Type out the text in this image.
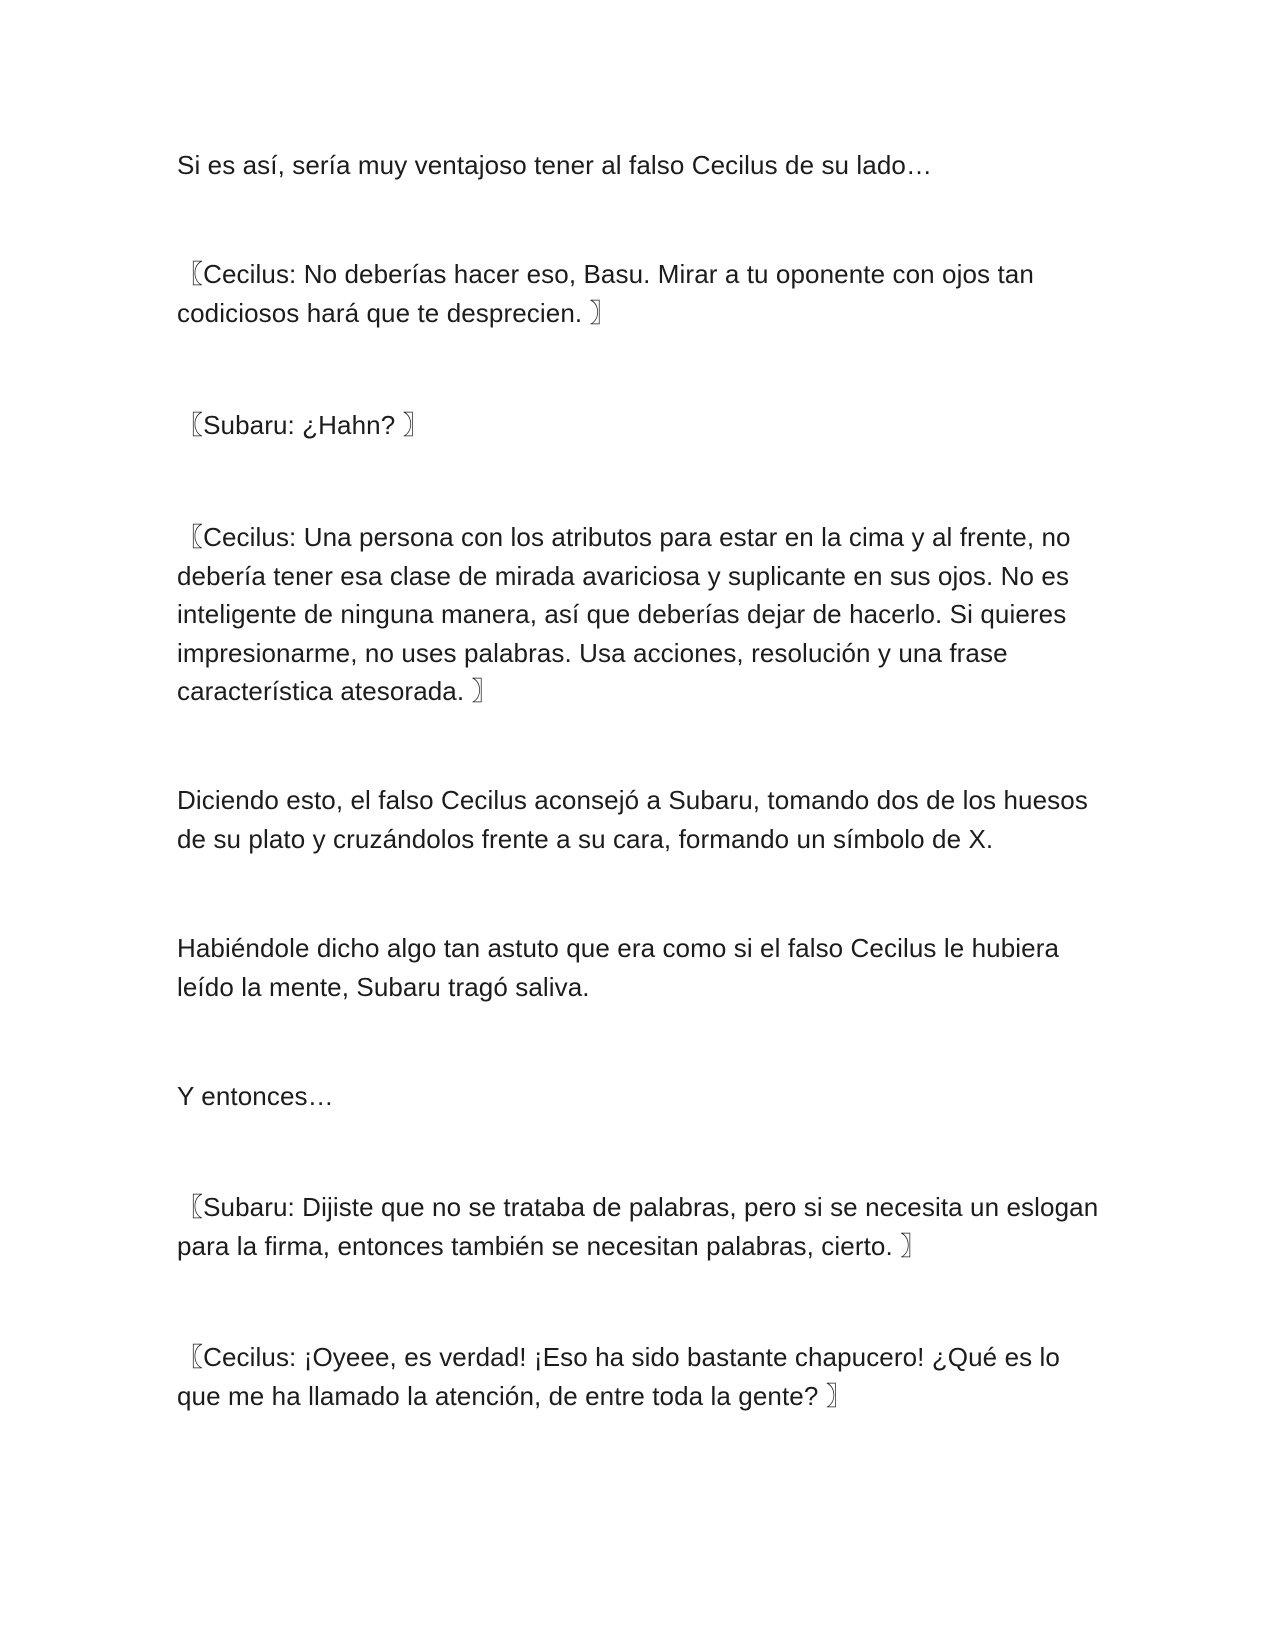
Si es así, sería muy ventajoso tener al falso Cecilus de su lado…

〖Cecilus: No deberías hacer eso, Basu. Mirar a tu oponente con ojos tan codiciosos hará que te desprecien. 〗

〖Subaru: ¿Hahn? 〗

〖Cecilus: Una persona con los atributos para estar en la cima y al frente, no debería tener esa clase de mirada avariciosa y suplicante en sus ojos. No es inteligente de ninguna manera, así que deberías dejar de hacerlo. Si quieres impresionarme, no uses palabras. Usa acciones, resolución y una frase característica atesorada. 〗

Diciendo esto, el falso Cecilus aconsejó a Subaru, tomando dos de los huesos de su plato y cruzándolos frente a su cara, formando un símbolo de X.

Habiéndole dicho algo tan astuto que era como si el falso Cecilus le hubiera leído la mente, Subaru tragó saliva.

Y entonces…

〖Subaru: Dijiste que no se trataba de palabras, pero si se necesita un eslogan para la firma, entonces también se necesitan palabras, cierto. 〗

〖Cecilus: ¡Oyeee, es verdad! ¡Eso ha sido bastante chapucero! ¿Qué es lo que me ha llamado la atención, de entre toda la gente? 〗
